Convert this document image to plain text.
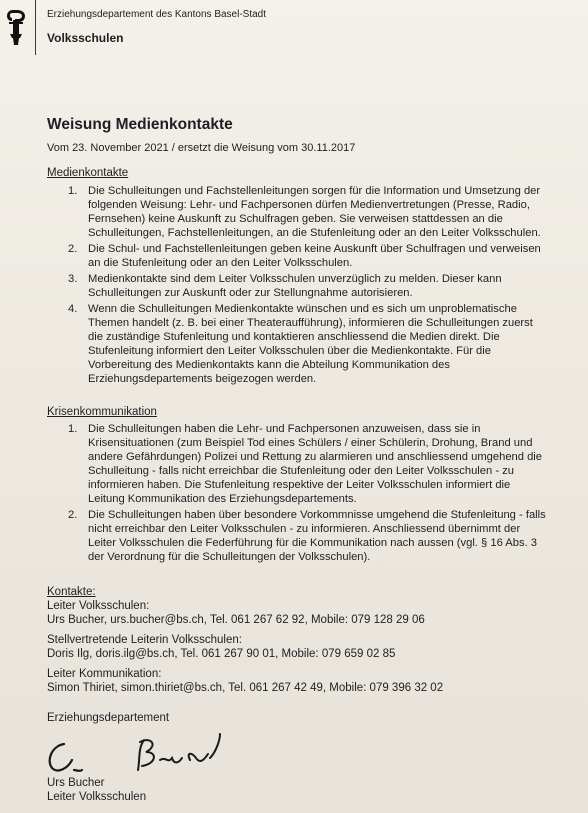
Erziehungsdepartement des Kantons Basel-Stadt
Volksschulen
Weisung Medienkontakte
Vom 23. November 2021 / ersetzt die Weisung vom 30.11.2017
Medienkontakte
1. Die Schulleitungen und Fachstellenleitungen sorgen für die Information und Umsetzung der folgenden Weisung: Lehr- und Fachpersonen dürfen Medienvertretungen (Presse, Radio, Fernsehen) keine Auskunft zu Schulfragen geben. Sie verweisen stattdessen an die Schulleitungen, Fachstellenleitungen, an die Stufenleitung oder an den Leiter Volksschulen.
2. Die Schul- und Fachstellenleitungen geben keine Auskunft über Schulfragen und verweisen an die Stufenleitung oder an den Leiter Volksschulen.
3. Medienkontakte sind dem Leiter Volksschulen unverzüglich zu melden. Dieser kann Schulleitungen zur Auskunft oder zur Stellungnahme autorisieren.
4. Wenn die Schulleitungen Medienkontakte wünschen und es sich um unproblematische Themen handelt (z. B. bei einer Theateraufführung), informieren die Schulleitungen zuerst die zuständige Stufenleitung und kontaktieren anschliessend die Medien direkt. Die Stufenleitung informiert den Leiter Volksschulen über die Medienkontakte. Für die Vorbereitung des Medienkontakts kann die Abteilung Kommunikation des Erziehungsdepartements beigezogen werden.
Krisenkommunikation
1. Die Schulleitungen haben die Lehr- und Fachpersonen anzuweisen, dass sie in Krisensituationen (zum Beispiel Tod eines Schülers / einer Schülerin, Drohung, Brand und andere Gefährdungen) Polizei und Rettung zu alarmieren und anschliessend umgehend die Schulleitung - falls nicht erreichbar die Stufenleitung oder den Leiter Volksschulen - zu informieren haben. Die Stufenleitung respektive der Leiter Volksschulen informiert die Leitung Kommunikation des Erziehungsdepartements.
2. Die Schulleitungen haben über besondere Vorkommnisse umgehend die Stufenleitung - falls nicht erreichbar den Leiter Volksschulen - zu informieren. Anschliessend übernimmt der Leiter Volksschulen die Federführung für die Kommunikation nach aussen (vgl. § 16 Abs. 3 der Verordnung für die Schulleitungen der Volksschulen).
Kontakte:
Leiter Volksschulen:
Urs Bucher, urs.bucher@bs.ch, Tel. 061 267 62 92, Mobile: 079 128 29 06
Stellvertretende Leiterin Volksschulen:
Doris Ilg, doris.ilg@bs.ch, Tel. 061 267 90 01, Mobile: 079 659 02 85
Leiter Kommunikation:
Simon Thiriet, simon.thiriet@bs.ch, Tel. 061 267 42 49, Mobile: 079 396 32 02
Erziehungsdepartement
Urs Bucher
Leiter Volksschulen
